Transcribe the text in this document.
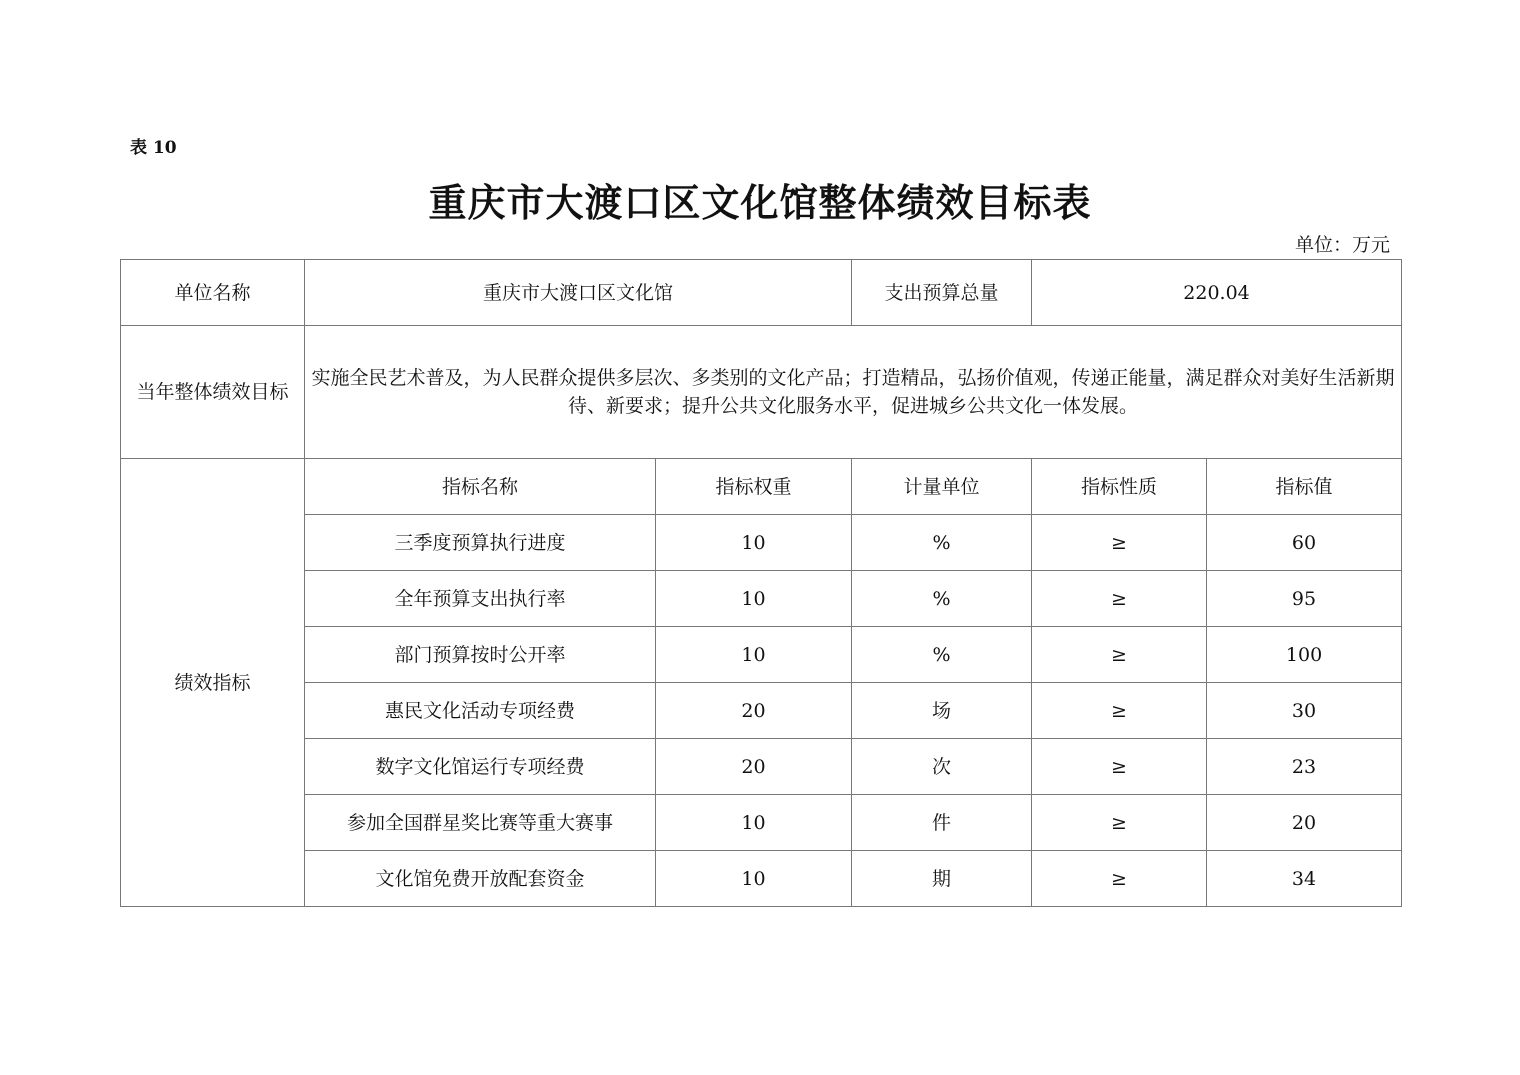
表 10
重庆市大渡口区文化馆整体绩效目标表
单位：万元
单位名称	重庆市大渡口区文化馆		支出预算总量	220.04	
当年整体绩效目标	实施全民艺术普及，为人民群众提供多层次、多类别的文化产品；打造精品，弘扬价值观，传递正能量，满足群众对美好生活新期待、新要求；提升公共文化服务水平，促进城乡公共文化一体发展。				
绩效指标	指标名称	指标权重	计量单位	指标性质	指标值
	三季度预算执行进度	10	%	≥	60
	全年预算支出执行率	10	%	≥	95
	部门预算按时公开率	10	%	≥	100
	惠民文化活动专项经费	20	场	≥	30
	数字文化馆运行专项经费	20	次	≥	23
	参加全国群星奖比赛等重大赛事	10	件	≥	20
	文化馆免费开放配套资金	10	期	≥	34
